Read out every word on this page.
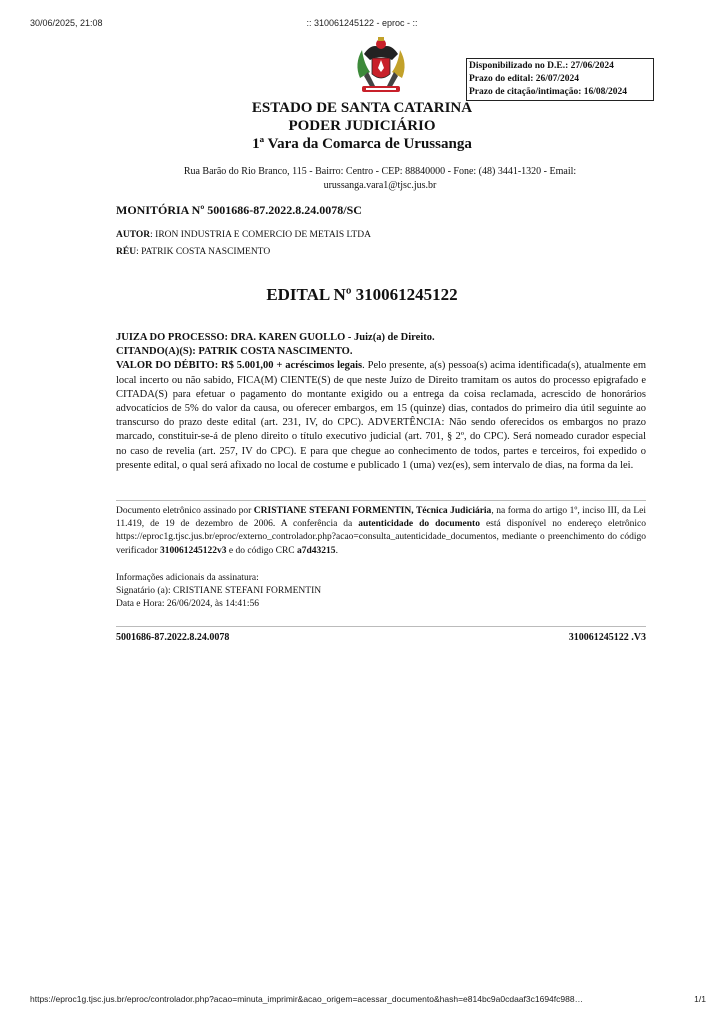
30/06/2025, 21:08	:: 310061245122 - eproc - ::
Disponibilizado no D.E.: 27/06/2024
Prazo do edital: 26/07/2024
Prazo de citação/intimação: 16/08/2024
ESTADO DE SANTA CATARINA
PODER JUDICIÁRIO
1ª Vara da Comarca de Urussanga
Rua Barão do Rio Branco, 115 - Bairro: Centro - CEP: 88840000 - Fone: (48) 3441-1320 - Email:
urussanga.vara1@tjsc.jus.br
MONITÓRIA Nº 5001686-87.2022.8.24.0078/SC
AUTOR: IRON INDUSTRIA E COMERCIO DE METAIS LTDA
RÉU: PATRIK COSTA NASCIMENTO
EDITAL Nº 310061245122
JUIZA DO PROCESSO: DRA. KAREN GUOLLO - Juiz(a) de Direito.
CITANDO(A)(S): PATRIK COSTA NASCIMENTO.
VALOR DO DÉBITO: R$ 5.001,00 + acréscimos legais. Pelo presente, a(s) pessoa(s) acima identificada(s), atualmente em local incerto ou não sabido, FICA(M) CIENTE(S) de que neste Juízo de Direito tramitam os autos do processo epigrafado e CITADA(S) para efetuar o pagamento do montante exigido ou a entrega da coisa reclamada, acrescido de honorários advocatícios de 5% do valor da causa, ou oferecer embargos, em 15 (quinze) dias, contados do primeiro dia útil seguinte ao transcurso do prazo deste edital (art. 231, IV, do CPC). ADVERTÊNCIA: Não sendo oferecidos os embargos no prazo marcado, constituir-se-á de pleno direito o título executivo judicial (art. 701, § 2º, do CPC). Será nomeado curador especial no caso de revelia (art. 257, IV do CPC). E para que chegue ao conhecimento de todos, partes e terceiros, foi expedido o presente edital, o qual será afixado no local de costume e publicado 1 (uma) vez(es), sem intervalo de dias, na forma da lei.
Documento eletrônico assinado por CRISTIANE STEFANI FORMENTIN, Técnica Judiciária, na forma do artigo 1º, inciso III, da Lei 11.419, de 19 de dezembro de 2006. A conferência da autenticidade do documento está disponível no endereço eletrônico https://eproc1g.tjsc.jus.br/eproc/externo_controlador.php?acao=consulta_autenticidade_documentos, mediante o preenchimento do código verificador 310061245122v3 e do código CRC a7d43215.
Informações adicionais da assinatura:
Signatário (a): CRISTIANE STEFANI FORMENTIN
Data e Hora: 26/06/2024, às 14:41:56
5001686-87.2022.8.24.0078	310061245122 .V3
https://eproc1g.tjsc.jus.br/eproc/controlador.php?acao=minuta_imprimir&acao_origem=acessar_documento&hash=e814bc9a0cdaaf3c1694fc988…	1/1
